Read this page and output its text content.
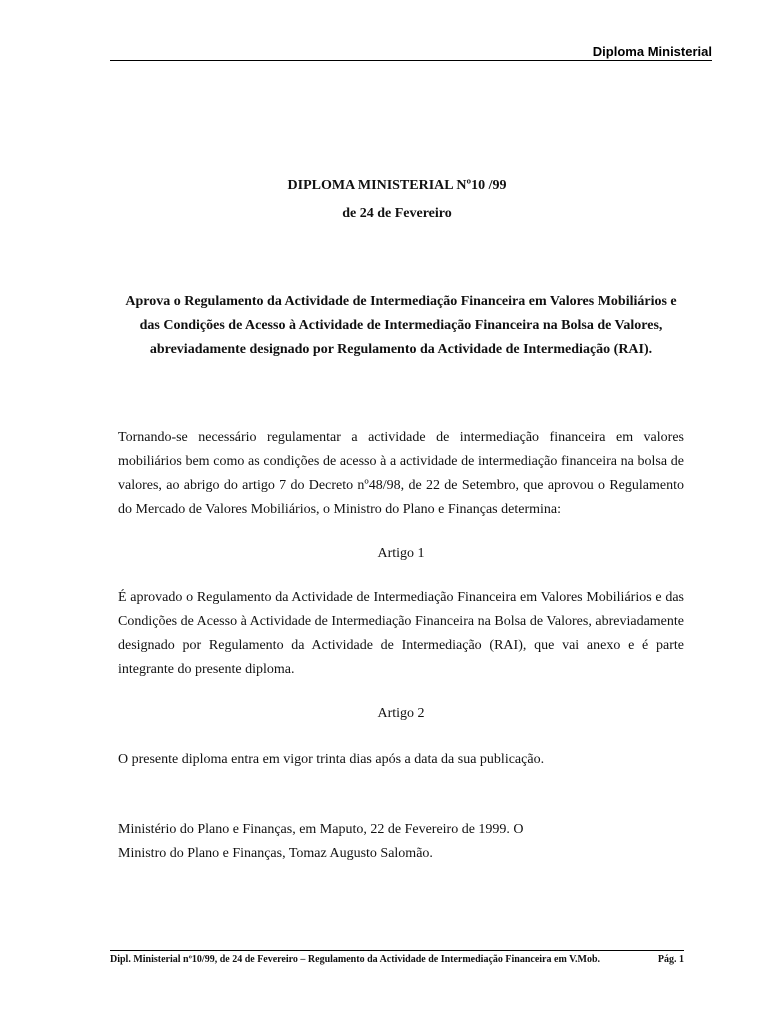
Diploma Ministerial
DIPLOMA MINISTERIAL Nº10 /99
de 24 de Fevereiro
Aprova o Regulamento da Actividade de Intermediação Financeira em Valores Mobiliários e
das Condições de Acesso à Actividade de Intermediação Financeira na Bolsa de Valores,
abreviadamente designado por Regulamento da Actividade de Intermediação (RAI).
Tornando-se necessário regulamentar a actividade de intermediação financeira em valores mobiliários bem como as condições de acesso à a actividade de intermediação financeira na bolsa de valores, ao abrigo do artigo 7 do Decreto nº48/98, de 22 de Setembro, que aprovou o Regulamento do Mercado de Valores Mobiliários, o Ministro do Plano e Finanças determina:
Artigo 1
É aprovado o Regulamento da Actividade de Intermediação Financeira em Valores Mobiliários e das Condições de Acesso à Actividade de Intermediação Financeira na Bolsa de Valores, abreviadamente designado por Regulamento da Actividade de Intermediação (RAI), que vai anexo e é parte integrante do presente diploma.
Artigo 2
O presente diploma entra em vigor trinta dias após a data da sua publicação.
Ministério do Plano e Finanças, em Maputo, 22 de Fevereiro de 1999. O
Ministro do Plano e Finanças, Tomaz Augusto Salomão.
Dipl. Ministerial nº10/99, de 24 de Fevereiro – Regulamento da Actividade de Intermediação Financeira em V.Mob.	Pág. 1
